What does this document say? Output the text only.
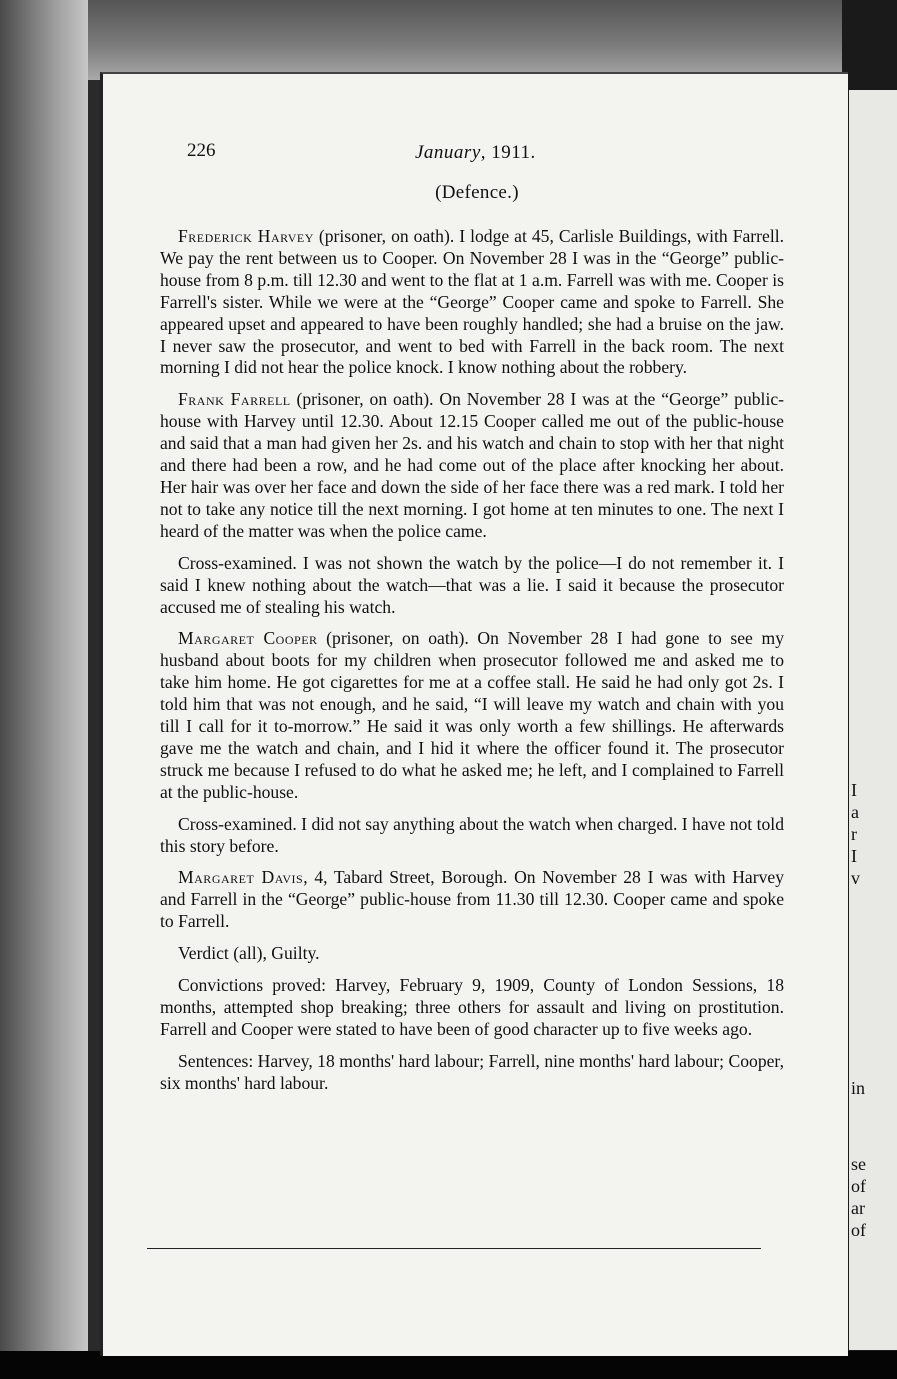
226	January, 1911.
(Defence.)

Frederick Harvey (prisoner, on oath). I lodge at 45, Carlisle Buildings, with Farrell. We pay the rent between us to Cooper. On November 28 I was in the “George” public-house from 8 p.m. till 12.30 and went to the flat at 1 a.m. Farrell was with me. Cooper is Farrell's sister. While we were at the “George” Cooper came and spoke to Farrell. She appeared upset and appeared to have been roughly handled; she had a bruise on the jaw. I never saw the prosecutor, and went to bed with Farrell in the back room. The next morning I did not hear the police knock. I know nothing about the robbery.

Frank Farrell (prisoner, on oath). On November 28 I was at the “George” public-house with Harvey until 12.30. About 12.15 Cooper called me out of the public-house and said that a man had given her 2s. and his watch and chain to stop with her that night and there had been a row, and he had come out of the place after knocking her about. Her hair was over her face and down the side of her face there was a red mark. I told her not to take any notice till the next morning. I got home at ten minutes to one. The next I heard of the matter was when the police came.

Cross-examined. I was not shown the watch by the police—I do not remember it. I said I knew nothing about the watch—that was a lie. I said it because the prosecutor accused me of stealing his watch.

Margaret Cooper (prisoner, on oath). On November 28 I had gone to see my husband about boots for my children when prosecutor followed me and asked me to take him home. He got cigarettes for me at a coffee stall. He said he had only got 2s. I told him that was not enough, and he said, “I will leave my watch and chain with you till I call for it to-morrow.” He said it was only worth a few shillings. He afterwards gave me the watch and chain, and I hid it where the officer found it. The prosecutor struck me because I refused to do what he asked me; he left, and I complained to Farrell at the public-house.

Cross-examined. I did not say anything about the watch when charged. I have not told this story before.

Margaret Davis, 4, Tabard Street, Borough. On November 28 I was with Harvey and Farrell in the “George” public-house from 11.30 till 12.30. Cooper came and spoke to Farrell.

Verdict (all), Guilty.

Convictions proved: Harvey, February 9, 1909, County of London Sessions, 18 months, attempted shop breaking; three others for assault and living on prostitution. Farrell and Cooper were stated to have been of good character up to five weeks ago.

Sentences: Harvey, 18 months' hard labour; Farrell, nine months' hard labour; Cooper, six months' hard labour.

I
a
r
I
v
in
se
of
ar
of
